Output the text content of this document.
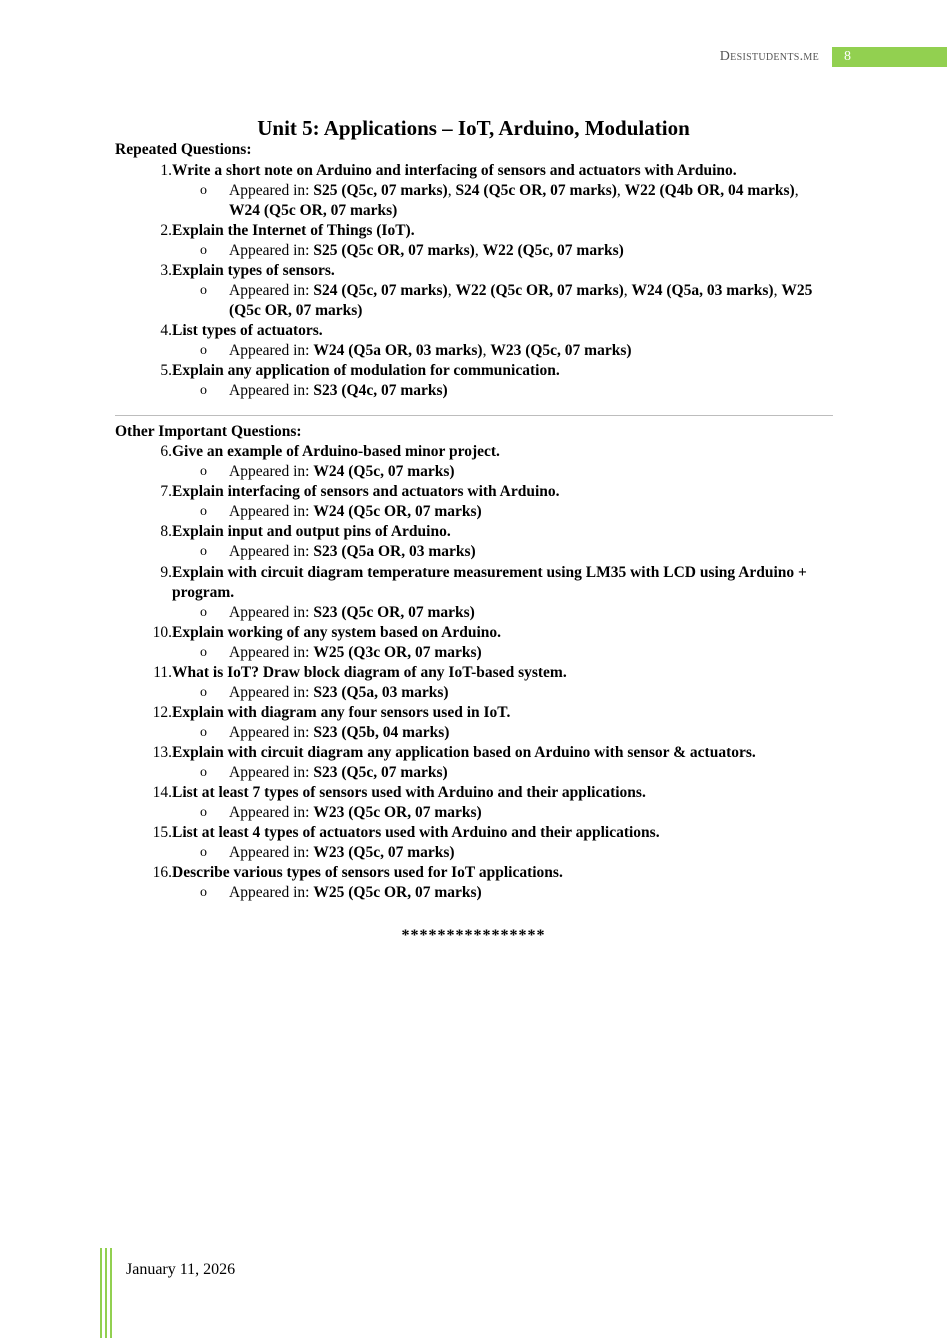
Desistudents.me	8
Unit 5: Applications – IoT, Arduino, Modulation
Repeated Questions:
Other Important Questions:
1. Write a short note on Arduino and interfacing of sensors and actuators with Arduino.
o Appeared in: S25 (Q5c, 07 marks), S24 (Q5c OR, 07 marks), W22 (Q4b OR, 04 marks), W24 (Q5c OR, 07 marks)
2. Explain the Internet of Things (IoT).
o Appeared in: S25 (Q5c OR, 07 marks), W22 (Q5c, 07 marks)
3. Explain types of sensors.
o Appeared in: S24 (Q5c, 07 marks), W22 (Q5c OR, 07 marks), W24 (Q5a, 03 marks), W25 (Q5c OR, 07 marks)
4. List types of actuators.
o Appeared in: W24 (Q5a OR, 03 marks), W23 (Q5c, 07 marks)
5. Explain any application of modulation for communication.
o Appeared in: S23 (Q4c, 07 marks)
6. Give an example of Arduino-based minor project.
o Appeared in: W24 (Q5c, 07 marks)
7. Explain interfacing of sensors and actuators with Arduino.
o Appeared in: W24 (Q5c OR, 07 marks)
8. Explain input and output pins of Arduino.
o Appeared in: S23 (Q5a OR, 03 marks)
9. Explain with circuit diagram temperature measurement using LM35 with LCD using Arduino + program.
o Appeared in: S23 (Q5c OR, 07 marks)
10. Explain working of any system based on Arduino.
o Appeared in: W25 (Q3c OR, 07 marks)
11. What is IoT? Draw block diagram of any IoT-based system.
o Appeared in: S23 (Q5a, 03 marks)
12. Explain with diagram any four sensors used in IoT.
o Appeared in: S23 (Q5b, 04 marks)
13. Explain with circuit diagram any application based on Arduino with sensor & actuators.
o Appeared in: S23 (Q5c, 07 marks)
14. List at least 7 types of sensors used with Arduino and their applications.
o Appeared in: W23 (Q5c OR, 07 marks)
15. List at least 4 types of actuators used with Arduino and their applications.
o Appeared in: W23 (Q5c, 07 marks)
16. Describe various types of sensors used for IoT applications.
o Appeared in: W25 (Q5c OR, 07 marks)
****************
January 11, 2026
